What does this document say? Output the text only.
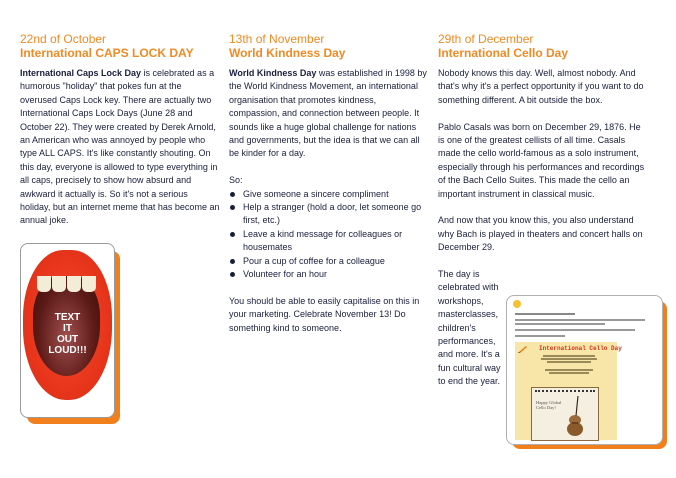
22nd of October
International CAPS LOCK DAY

International Caps Lock Day is celebrated as a humorous "holiday" that pokes fun at the overused Caps Lock key. There are actually two International Caps Lock Days (June 28 and October 22). They were created by Derek Arnold, an American who was annoyed by people who type ALL CAPS. It's like constantly shouting. On this day, everyone is allowed to type everything in all caps, precisely to show how absurd and awkward it actually is. So it's not a serious holiday, but an internet meme that has become an annual joke.

TEXT
IT
OUT
LOUD!!!
13th of November
World Kindness Day

World Kindness Day was established in 1998 by the World Kindness Movement, an international organisation that promotes kindness, compassion, and connection between people. It sounds like a huge global challenge for nations and governments, but the idea is that we can all be kinder for a day.

So:

Give someone a sincere compliment
Help a stranger (hold a door, let someone go first, etc.)
Leave a kind message for colleagues or housemates
Pour a cup of coffee for a colleague
Volunteer for an hour

You should be able to easily capitalise on this in your marketing. Celebrate November 13! Do something kind to someone.

29th of December
International Cello Day

Nobody knows this day. Well, almost nobody. And that's why it's a perfect opportunity if you want to do something different. A bit outside the box.

Pablo Casals was born on December 29, 1876. He is one of the greatest cellists of all time. Casals made the cello world-famous as a solo instrument, especially through his performances and recordings of the Bach Cello Suites. This made the cello an important instrument in classical music.

And now that you know this, you also understand why Bach is played in theaters and concert halls on December 29.

The day is celebrated with workshops, masterclasses, children's performances, and more. It's a fun cultural way to end the year.

International Cello Day
Happy Global Cello Day!
